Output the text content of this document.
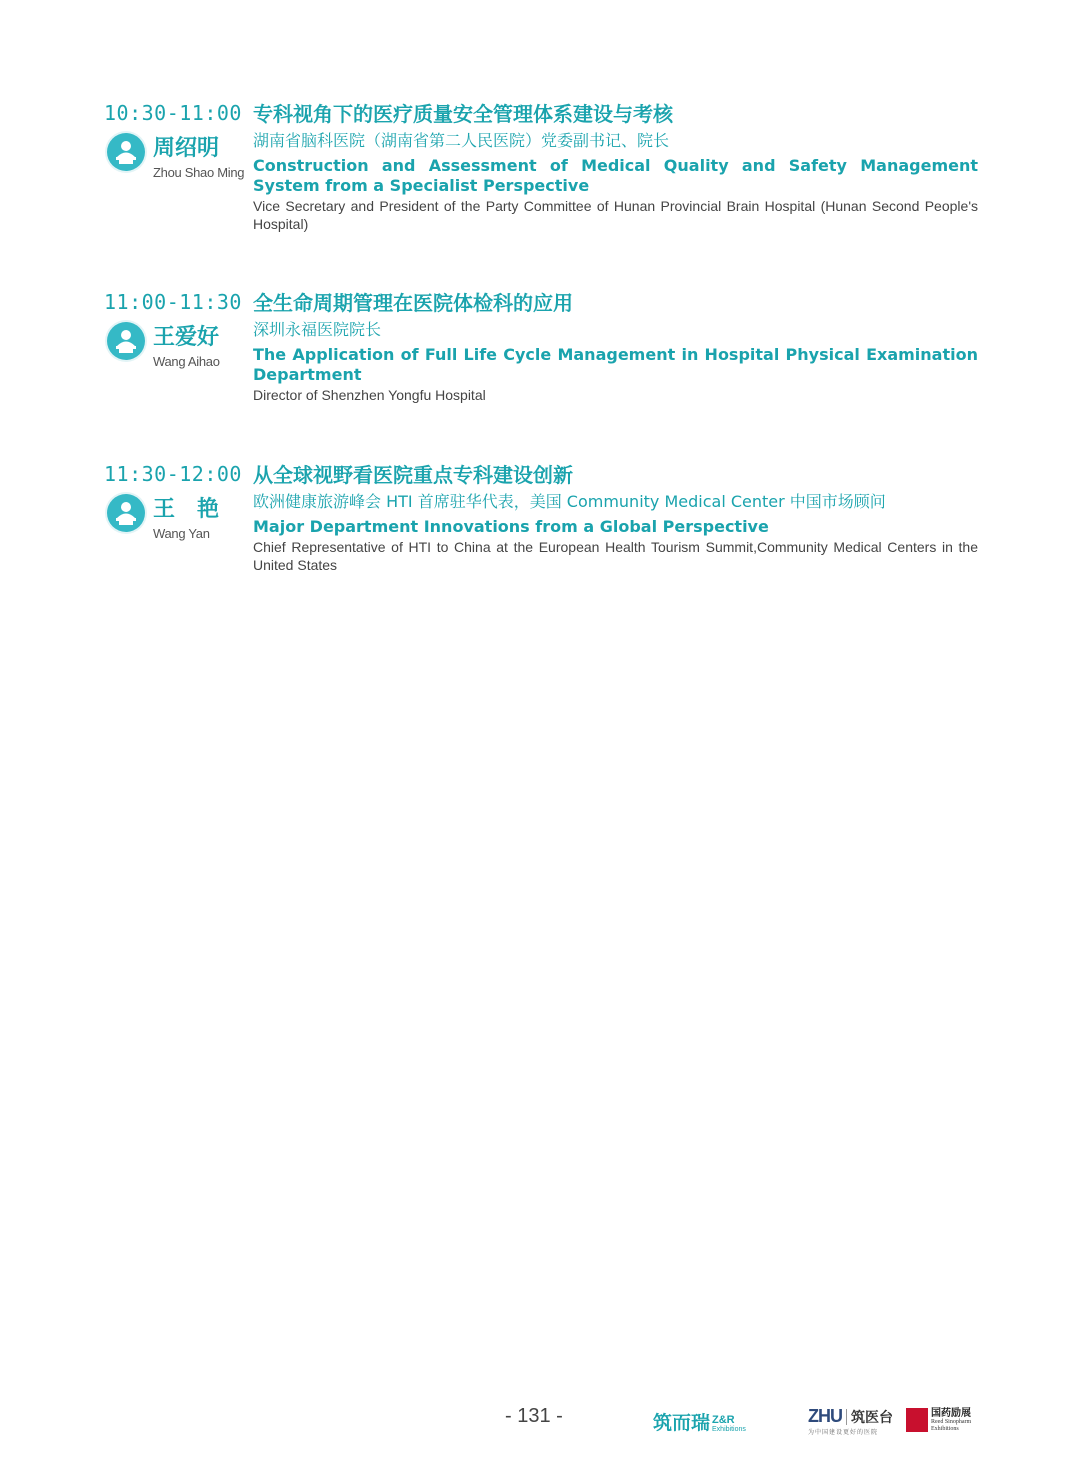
10:30-11:00
周绍明
Zhou Shao Ming
专科视角下的医疗质量安全管理体系建设与考核
湖南省脑科医院（湖南省第二人民医院）党委副书记、院长
Construction and Assessment of Medical Quality and Safety Management System from a Specialist Perspective
Vice Secretary and President of the Party Committee of Hunan Provincial Brain Hospital (Hunan Second People's Hospital)
11:00-11:30
王爱好
Wang Aihao
全生命周期管理在医院体检科的应用
深圳永福医院院长
The Application of Full Life Cycle Management in Hospital Physical Examination Department
Director of Shenzhen Yongfu Hospital
11:30-12:00
王　艳
Wang Yan
从全球视野看医院重点专科建设创新
欧洲健康旅游峰会 HTI 首席驻华代表，美国 Community Medical Center 中国市场顾问
Major Department Innovations from a Global Perspective
Chief Representative of HTI to China at the European Health Tourism Summit,Community Medical Centers in the United States
- 131 -	筑而瑞 Z&R
Exhibitions
ZHU 筑医台
为中国建设更好的医院
国药励展
Reed Sinopharm
Exhibitions
